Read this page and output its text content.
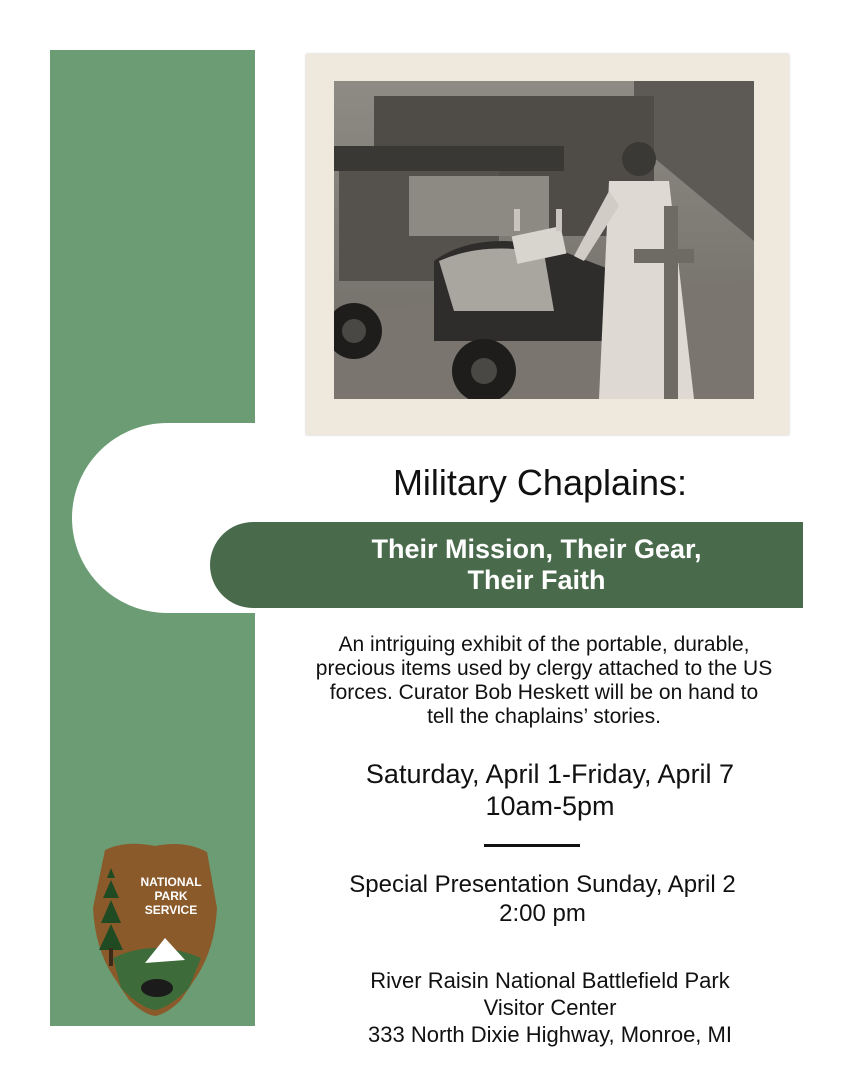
Military Chaplains:
Their Mission, Their Gear,
Their Faith
An intriguing exhibit of the portable, durable,
precious items used by clergy attached to the US
forces. Curator Bob Heskett will be on hand to
tell the chaplains’ stories.
Saturday, April 1-Friday, April 7
10am-5pm
Special Presentation Sunday, April 2
2:00 pm
River Raisin National Battlefield Park
Visitor Center
333 North Dixie Highway, Monroe, MI
NATIONAL
PARK
SERVICE
